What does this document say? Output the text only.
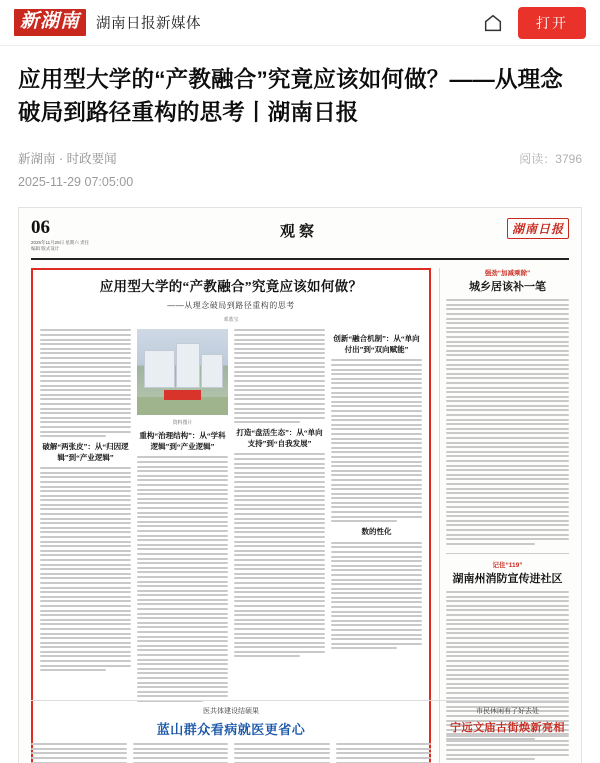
新湖南	湖南日报新媒体	打开
应用型大学的“产教融合”究竟应该如何做？——从理念破局到路径重构的思考丨湖南日报
新湖南 · 时政要闻	阅读：3796
2025-11-29 07:05:00
06
2025年11月29日 星期六 责任编辑 版式设计
观察	湖南日报
应用型大学的“产教融合”究竟应该如何做？
——从理念破局到路径重构的思考
邓蓝宝
破解“两张皮”：从“归因逻辑”到“产业逻辑”
资料图片
重构“治理结构”：从“学科逻辑”到“产业逻辑”
打造“盘活生态”：从“单向支持”到“自我发展”
创新“融合机制”：从“单向付出”到“双向赋能”
数的性化
强劲“加减乘除”
城乡居该补一笔
记住“119”
湖南州消防宣传进社区
医共体建设结硕果
蓝山群众看病就医更省心
市民休闲有了好去处
宁远文庙古街焕新亮相
